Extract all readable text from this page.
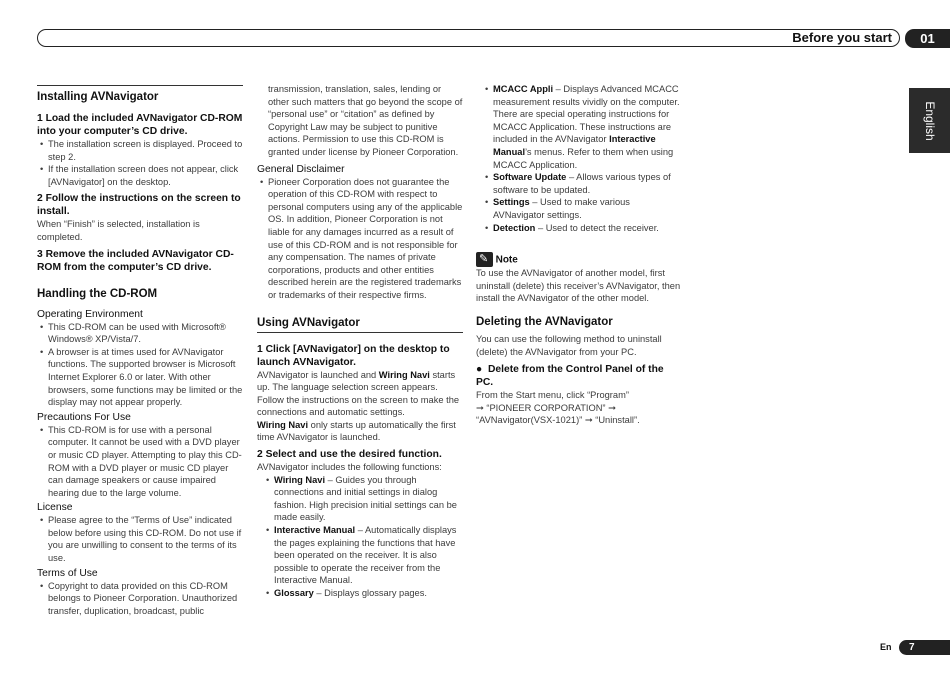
Before you start	01
English
Installing AVNavigator
1 Load the included AVNavigator CD-ROM into your computer’s CD drive.
• The installation screen is displayed. Proceed to step 2.
• If the installation screen does not appear, click [AVNavigator] on the desktop.
2 Follow the instructions on the screen to install.

When “Finish” is selected, installation is completed.

3 Remove the included AVNavigator CD-ROM from the computer’s CD drive.
Handling the CD-ROM
Operating Environment
• This CD-ROM can be used with Microsoft® Windows® XP/Vista/7.
• A browser is at times used for AVNavigator functions. The supported browser is Microsoft Internet Explorer 6.0 or later. With other browsers, some functions may be limited or the display may not appear properly.
Precautions For Use
• This CD-ROM is for use with a personal computer. It cannot be used with a DVD player or music CD player. Attempting to play this CD-ROM with a DVD player or music CD player can damage speakers or cause impaired hearing due to the large volume.
License
• Please agree to the “Terms of Use” indicated below before using this CD-ROM. Do not use if you are unwilling to consent to the terms of its use.
Terms of Use
• Copyright to data provided on this CD-ROM belongs to Pioneer Corporation. Unauthorized transfer, duplication, broadcast, public

transmission, translation, sales, lending or other such matters that go beyond the scope of “personal use” or “citation” as defined by Copyright Law may be subject to punitive actions. Permission to use this CD-ROM is granted under license by Pioneer Corporation.

General Disclaimer
• Pioneer Corporation does not guarantee the operation of this CD-ROM with respect to personal computers using any of the applicable OS. In addition, Pioneer Corporation is not liable for any damages incurred as a result of use of this CD-ROM and is not responsible for any compensation. The names of private corporations, products and other entities described herein are the registered trademarks or trademarks of their respective firms.
Using AVNavigator
1 Click [AVNavigator] on the desktop to launch AVNavigator.

AVNavigator is launched and Wiring Navi starts up. The language selection screen appears. Follow the instructions on the screen to make the connections and automatic settings.

Wiring Navi only starts up automatically the first time AVNavigator is launched.

2 Select and use the desired function.

AVNavigator includes the following functions:

• Wiring Navi – Guides you through connections and initial settings in dialog fashion. High precision initial settings can be made easily.
• Interactive Manual – Automatically displays the pages explaining the functions that have been operated on the receiver. It is also possible to operate the receiver from the Interactive Manual.
• Glossary – Displays glossary pages.
• MCACC Appli – Displays Advanced MCACC measurement results vividly on the computer.
There are special operating instructions for MCACC Application. These instructions are included in the AVNavigator Interactive Manual’s menus. Refer to them when using MCACC Application.
• Software Update – Allows various types of software to be updated.
• Settings – Used to make various AVNavigator settings.
• Detection – Used to detect the receiver.
✎ Note

To use the AVNavigator of another model, first uninstall (delete) this receiver’s AVNavigator, then install the AVNavigator of the other model.

Deleting the AVNavigator

You can use the following method to uninstall (delete) the AVNavigator from your PC.

●  Delete from the Control Panel of the PC.

From the Start menu, click “Program”

➞ “PIONEER CORPORATION” ➞

“AVNavigator(VSX-1021)” ➞ “Uninstall”.

En	7
